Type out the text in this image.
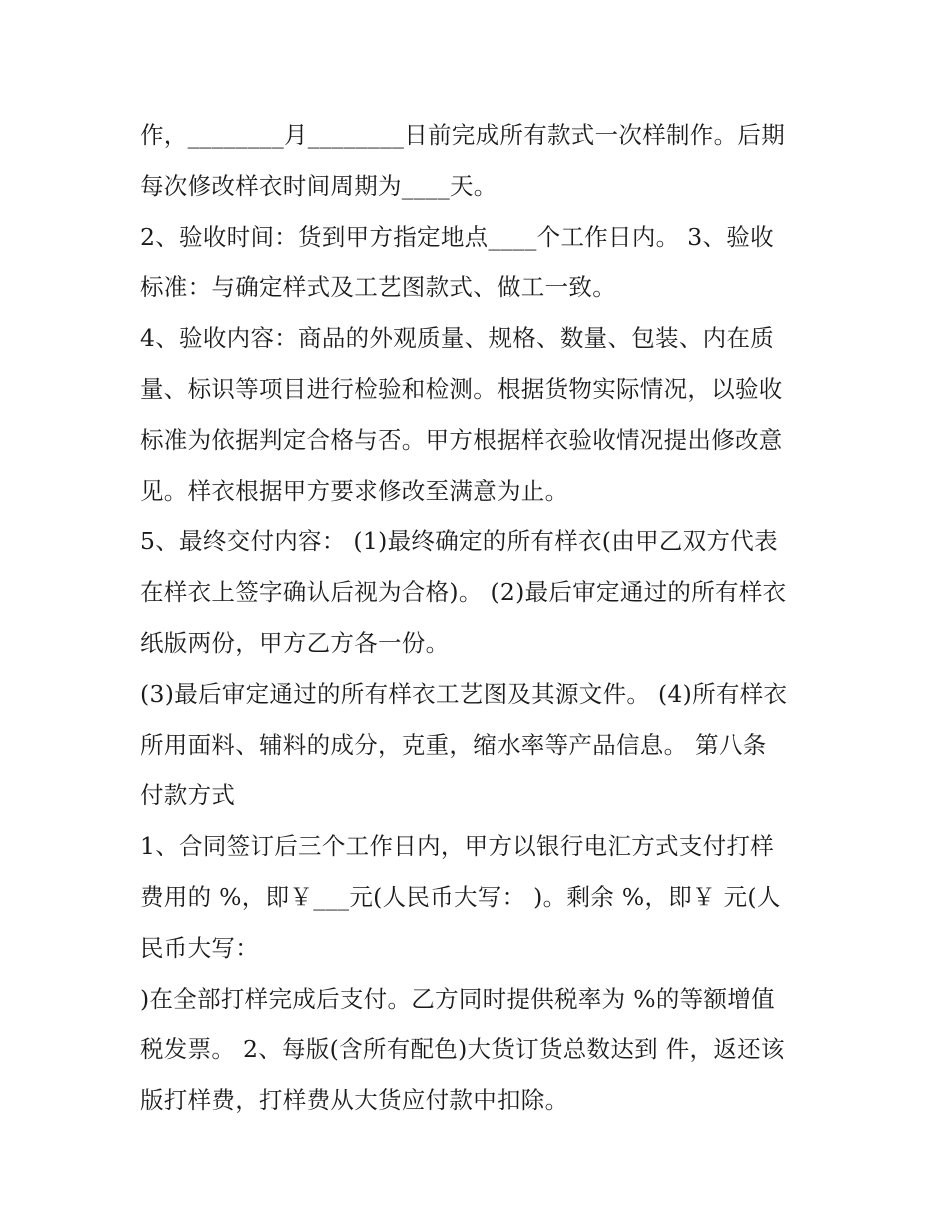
作，________月________日前完成所有款式一次样制作。后期
每次修改样衣时间周期为____天。
2、验收时间：货到甲方指定地点____个工作日内。 3、验收
标准：与确定样式及工艺图款式、做工一致。
4、验收内容：商品的外观质量、规格、数量、包装、内在质
量、标识等项目进行检验和检测。根据货物实际情况，以验收
标准为依据判定合格与否。甲方根据样衣验收情况提出修改意
见。样衣根据甲方要求修改至满意为止。
5、最终交付内容： (1)最终确定的所有样衣(由甲乙双方代表
在样衣上签字确认后视为合格)。 (2)最后审定通过的所有样衣
纸版两份，甲方乙方各一份。
(3)最后审定通过的所有样衣工艺图及其源文件。 (4)所有样衣
所用面料、辅料的成分，克重，缩水率等产品信息。 第八条
付款方式
1、合同签订后三个工作日内，甲方以银行电汇方式支付打样
费用的 %，即￥___元(人民币大写： )。剩余 %，即￥ 元(人
民币大写：
)在全部打样完成后支付。乙方同时提供税率为 %的等额增值
税发票。 2、每版(含所有配色)大货订货总数达到 件，返还该
版打样费，打样费从大货应付款中扣除。
